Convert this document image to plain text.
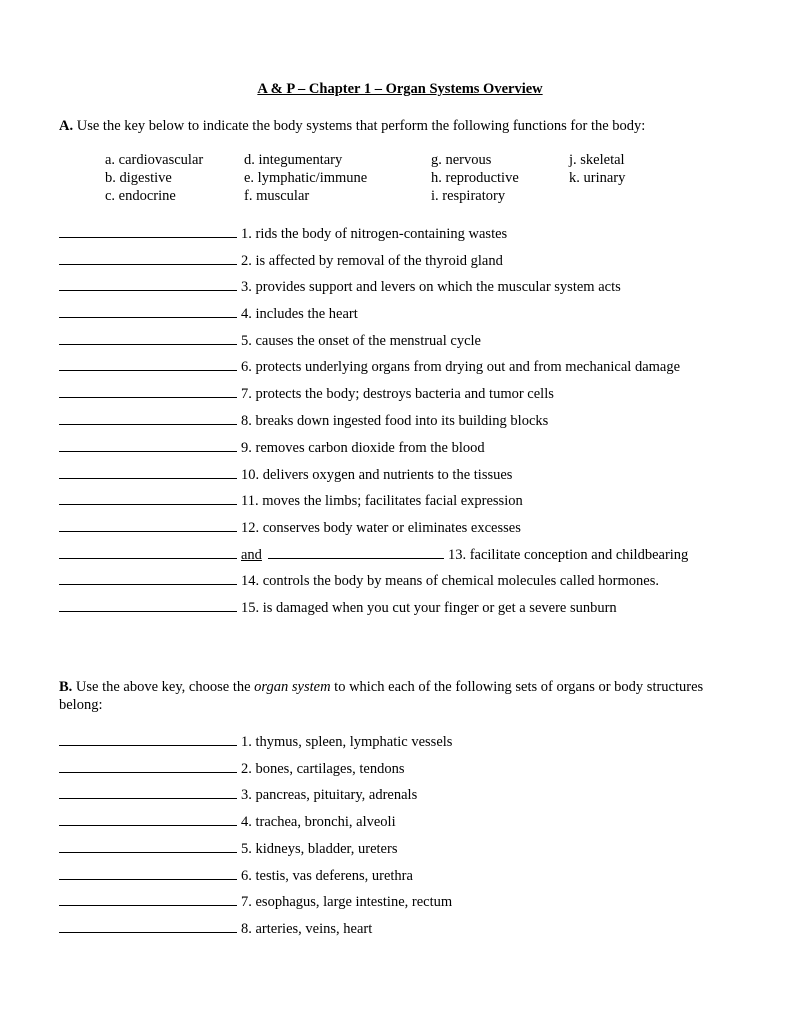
A & P – Chapter 1 – Organ Systems Overview
A. Use the key below to indicate the body systems that perform the following functions for the body:
a. cardiovascular
b. digestive
c. endocrine
d. integumentary
e. lymphatic/immune
f. muscular
g. nervous
h. reproductive
i. respiratory
j. skeletal
k. urinary
1. rids the body of nitrogen-containing wastes
2. is affected by removal of the thyroid gland
3. provides support and levers on which the muscular system acts
4. includes the heart
5. causes the onset of the menstrual cycle
6. protects underlying organs from drying out and from mechanical damage
7. protects the body; destroys bacteria and tumor cells
8. breaks down ingested food into its building blocks
9. removes carbon dioxide from the blood
10. delivers oxygen and nutrients to the tissues
11. moves the limbs; facilitates facial expression
12. conserves body water or eliminates excesses
and	13. facilitate conception and childbearing
14. controls the body by means of chemical molecules called hormones.
15. is damaged when you cut your finger or get a severe sunburn
B. Use the above key, choose the organ system to which each of the following sets of organs or body structures belong:
1. thymus, spleen, lymphatic vessels
2. bones, cartilages, tendons
3. pancreas, pituitary, adrenals
4. trachea, bronchi, alveoli
5. kidneys, bladder, ureters
6. testis, vas deferens, urethra
7. esophagus, large intestine, rectum
8. arteries, veins, heart
